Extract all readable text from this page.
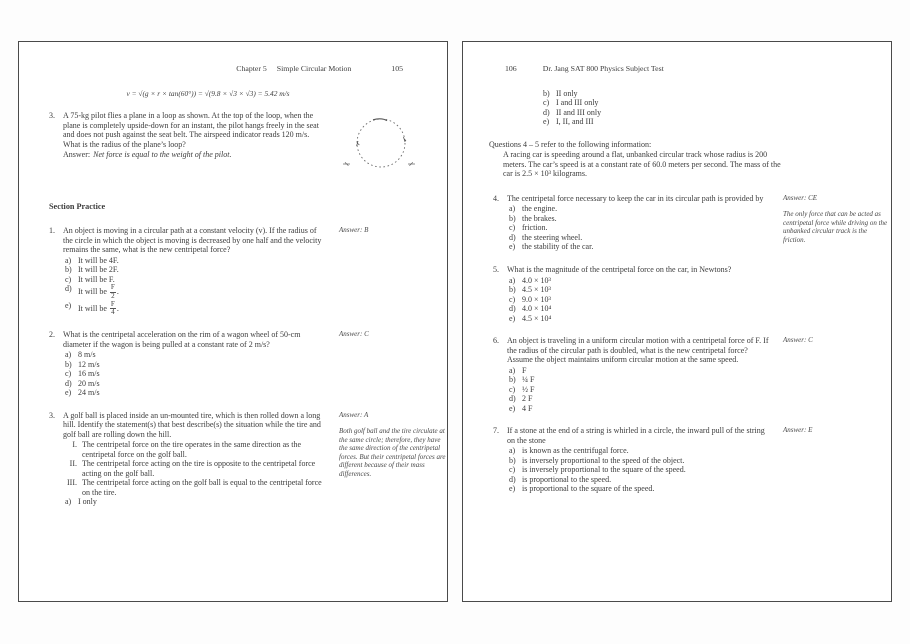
Chapter 5 Simple Circular Motion	105
v = √(g × r × tan(60°)) = √(9.8 × √3 × √3) = 5.42 m/s
3.	A 75-kg pilot flies a plane in a loop as shown. At the top of the loop, when the plane is completely upside-down for an instant, the pilot hangs freely in the seat and does not push against the seat belt. The airspeed indicator reads 120 m/s. What is the radius of the plane’s loop?
Answer: Net force is equal to the weight of the pilot.
Section Practice
1.	An object is moving in a circular path at a constant velocity (v). If the radius of the circle in which the object is moving is decreased by one half and the velocity remains the same, what is the new centripetal force?
a) It will be 4F.
b) It will be 2F.
c) It will be F.
d) It will be $\frac{F}{2}$ .
e) It will be $\frac{F}{4}$ .
Answer: B
2.	What is the centripetal acceleration on the rim of a wagon wheel of 50-cm diameter if the wagon is being pulled at a constant rate of 2 m/s?
a) 8 m/s
b) 12 m/s
c) 16 m/s
d) 20 m/s
e) 24 m/s
Answer: C
3.	A golf ball is placed inside an un-mounted tire, which is then rolled down a long hill. Identify the statement(s) that best describe(s) the situation while the tire and golf ball are rolling down the hill.
I. The centripetal force on the tire operates in the same direction as the centripetal force on the golf ball.
II. The centripetal force acting on the tire is opposite to the centripetal force acting on the golf ball.
III. The centripetal force acting on the golf ball is equal to the centripetal force on the tire.
a) I only
Answer: A
Both golf ball and the tire circulate at the same circle; therefore, they have the same direction of the centripetal forces. But their centripetal forces are different because of their mass differences.
106	Dr. Jang SAT 800 Physics Subject Test
b) II only
c) I and III only
d) II and III only
e) I, II, and III
Questions 4 – 5 refer to the following information:
A racing car is speeding around a flat, unbanked circular track whose radius is 200 meters. The car’s speed is at a constant rate of 60.0 meters per second. The mass of the car is 2.5 × 10³ kilograms.
4.	The centripetal force necessary to keep the car in its circular path is provided by
a) the engine.
b) the brakes.
c) friction.
d) the steering wheel.
e) the stability of the car.
Answer: CE
The only force that can be acted as centripetal force while driving on the unbanked circular track is the friction.
5.	What is the magnitude of the centripetal force on the car, in Newtons?
a) 4.0 × 10³
b) 4.5 × 10³
c) 9.0 × 10³
d) 4.0 × 10⁴
e) 4.5 × 10⁴
6.	An object is traveling in a uniform circular motion with a centripetal force of F. If the radius of the circular path is doubled, what is the new centripetal force? Assume the object maintains uniform circular motion at the same speed.
a) F
b) ¼ F
c) ½ F
d) 2 F
e) 4 F
Answer: C
7.	If a stone at the end of a string is whirled in a circle, the inward pull of the string on the stone
a) is known as the centrifugal force.
b) is inversely proportional to the speed of the object.
c) is inversely proportional to the square of the speed.
d) is proportional to the speed.
e) is proportional to the square of the speed.
Answer: E
